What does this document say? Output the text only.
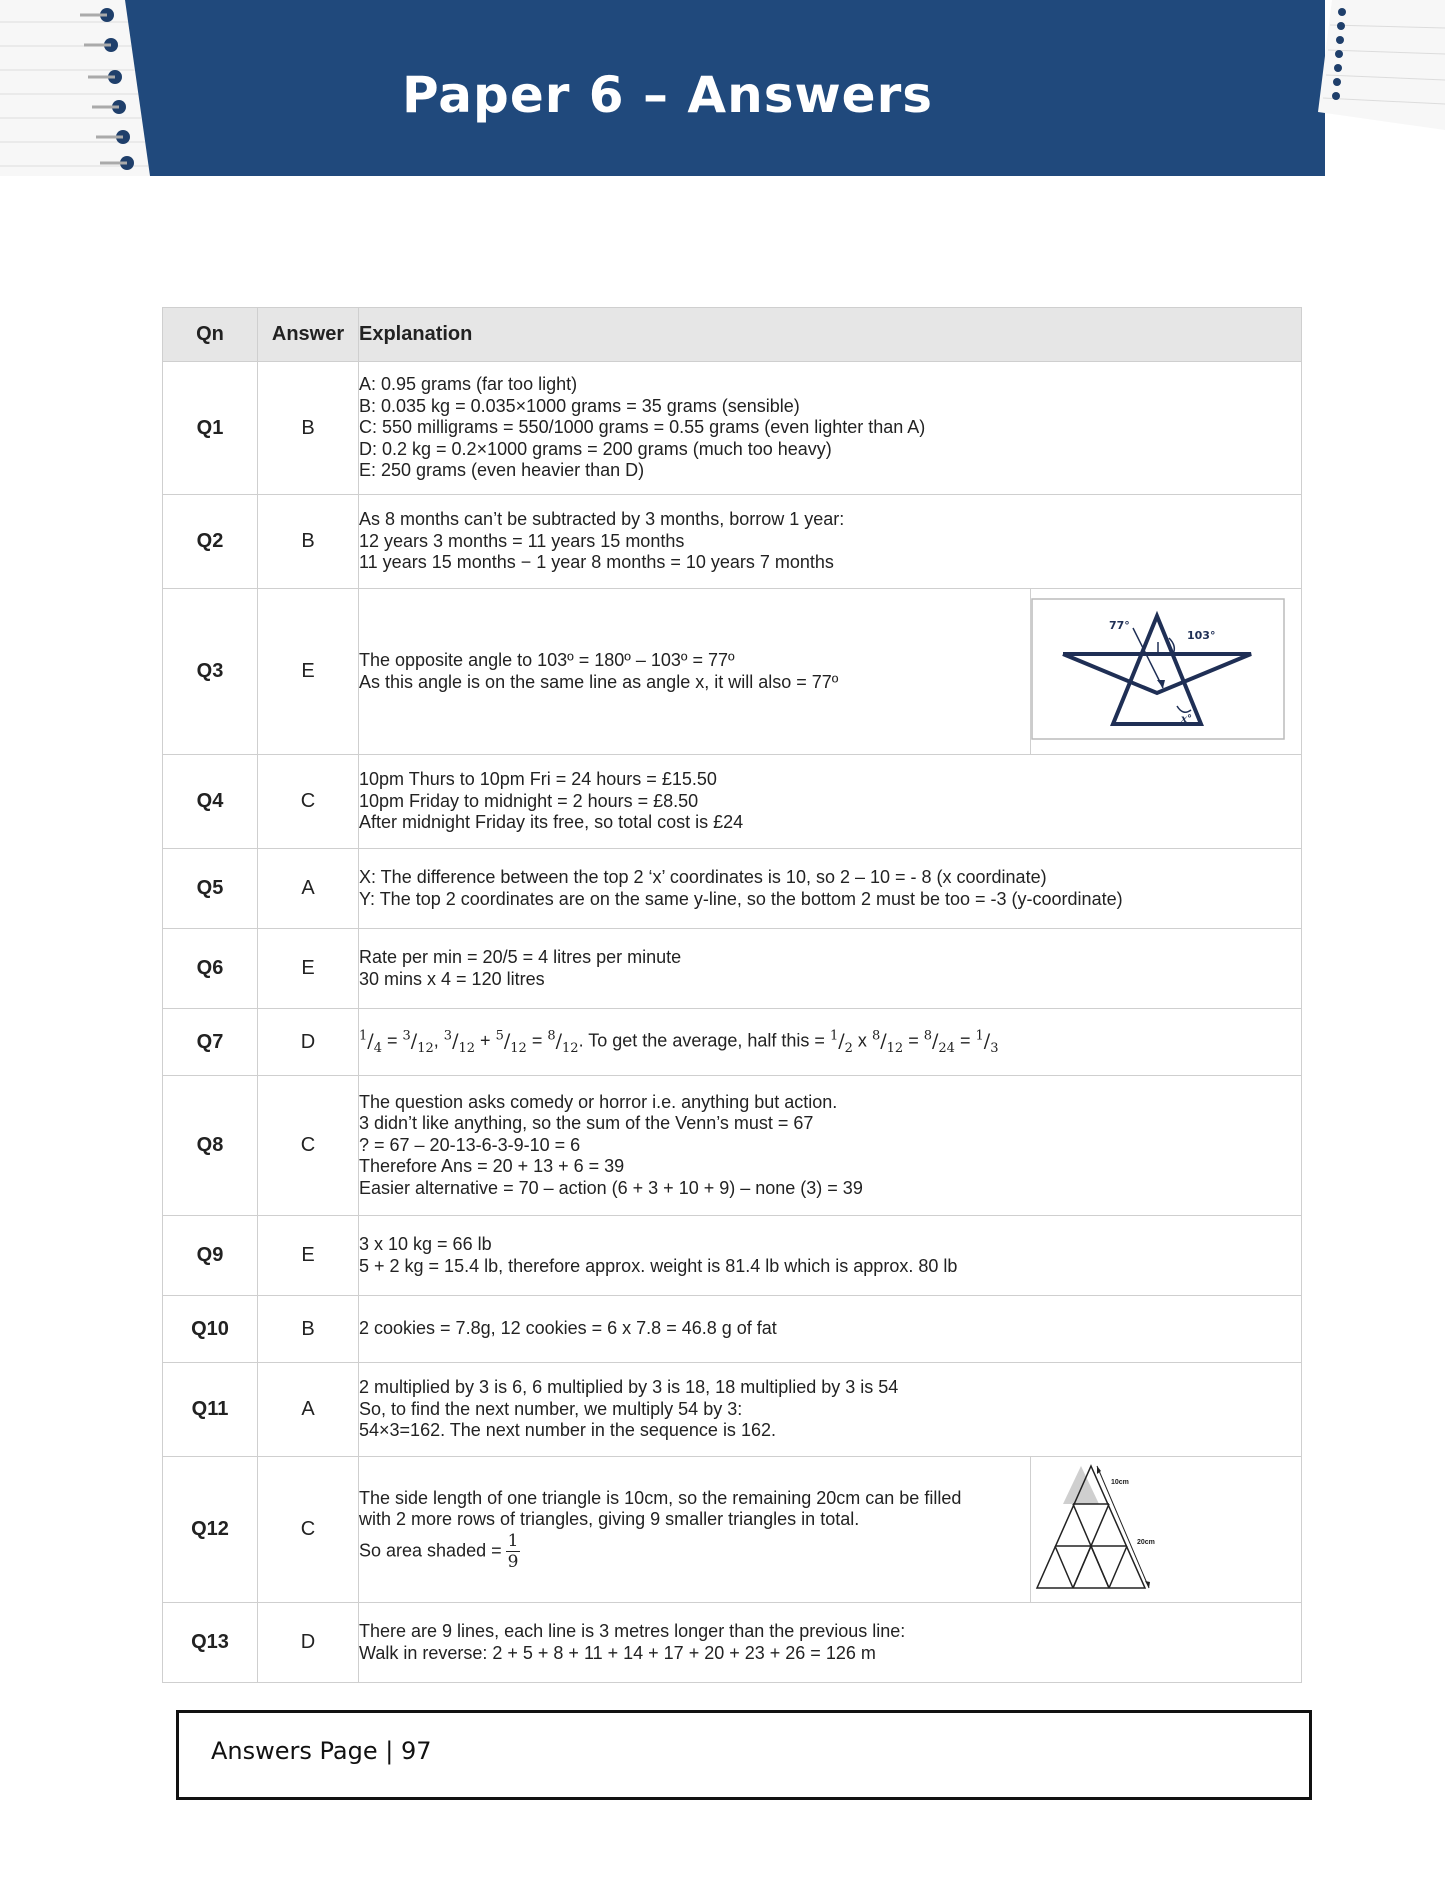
Paper 6 – Answers
Qn	Answer	Explanation	
Q1	B	A: 0.95 grams (far too light)
B: 0.035 kg = 0.035×1000 grams = 35 grams (sensible)
C: 550 milligrams = 550/1000 grams = 0.55 grams (even lighter than A)
D: 0.2 kg = 0.2×1000 grams = 200 grams (much too heavy)
E: 250 grams (even heavier than D)	

Q2	B	As 8 months can’t be subtracted by 3 months, borrow 1 year:
12 years 3 months = 11 years 15 months
11 years 15 months − 1 year 8 months = 10 years 7 months	

Q3	E	The opposite angle to 103º = 180º – 103º = 77º
As this angle is on the same line as angle x, it will also = 77º	77°
103°
x°

Q4	C	10pm Thurs to 10pm Fri = 24 hours = £15.50
10pm Friday to midnight = 2 hours = £8.50
After midnight Friday its free, so total cost is £24	

Q5	A	X: The difference between the top 2 ‘x’ coordinates is 10, so 2 – 10 = - 8 (x coordinate)
Y: The top 2 coordinates are on the same y-line, so the bottom 2 must be too = -3 (y-coordinate)	

Q6	E	Rate per min = 20/5 = 4 litres per minute
30 mins x 4 = 120 litres	

Q7	D	$^1/_4 = ^3/_{12}$, $^3/_{12} + ^5/_{12} = ^8/_{12}$. To get the average, half this = $^1/_2$ x $^8/_{12} = ^8/_{24} = ^1/_3$
Q8	C	The question asks comedy or horror i.e. anything but action.
3 didn’t like anything, so the sum of the Venn’s must = 67
? = 67 – 20-13-6-3-9-10 = 6
Therefore Ans = 20 + 13 + 6 = 39
Easier alternative = 70 – action (6 + 3 + 10 + 9) – none (3) = 39	

Q9	E	3 x 10 kg = 66 lb
5 + 2 kg = 15.4 lb, therefore approx. weight is 81.4 lb which is approx. 80 lb	

Q10	B	2 cookies = 7.8g, 12 cookies = 6 x 7.8 = 46.8 g of fat	

Q11	A	2 multiplied by 3 is 6, 6 multiplied by 3 is 18, 18 multiplied by 3 is 54
So, to find the next number, we multiply 54 by 3:
54×3=162. The next number in the sequence is 162.	

Q12	C	The side length of one triangle is 10cm, so the remaining 20cm can be filled
with 2 more rows of triangles, giving 9 smaller triangles in total.
So area shaded = $\frac{1}{9}$	10cm
20cm

Q13	D	There are 9 lines, each line is 3 metres longer than the previous line:
Walk in reverse: 2 + 5 + 8 + 11 + 14 + 17 + 20 + 23 + 26 = 126 m	
Answers Page | 97
